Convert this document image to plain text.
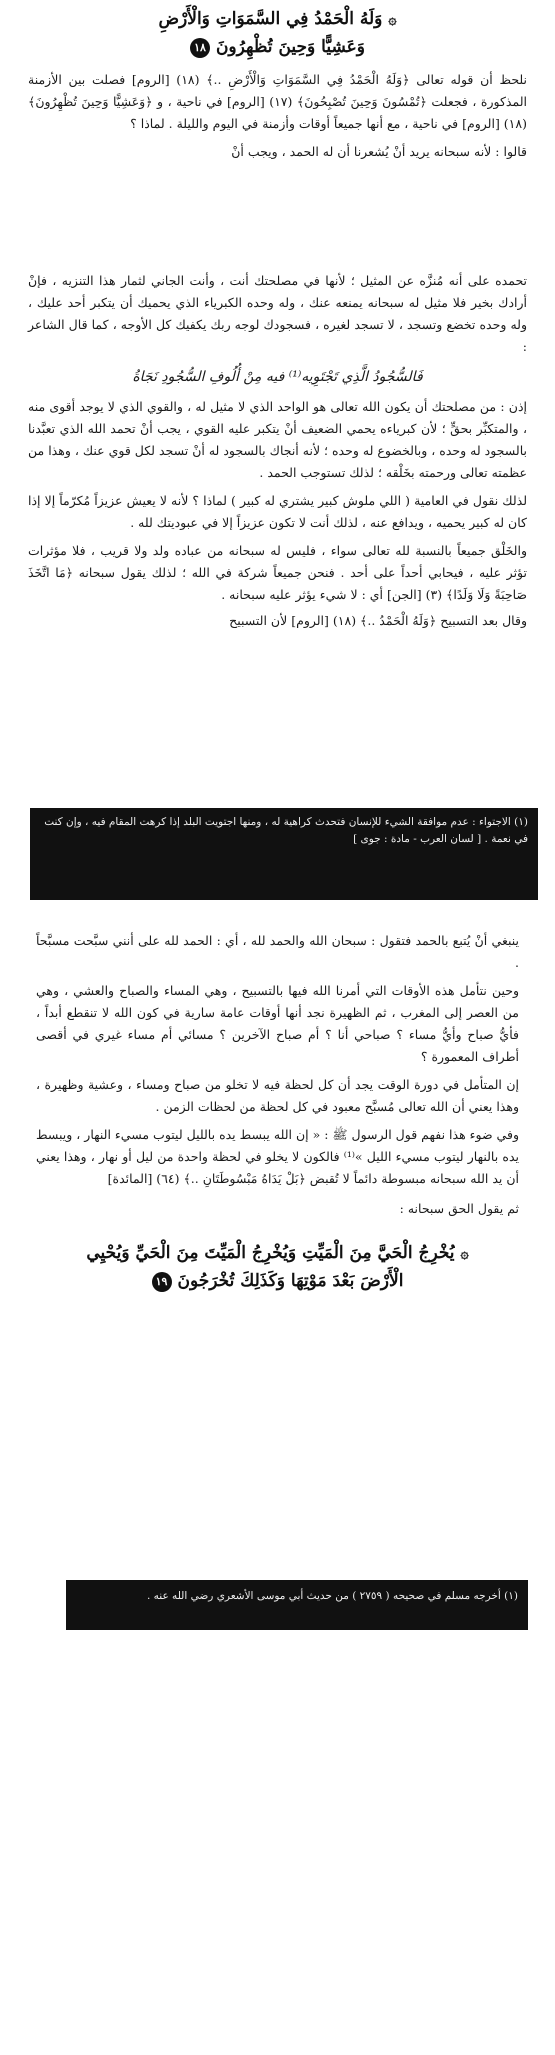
۞ وَلَهُ الْحَمْدُ فِي السَّمَوَاتِ وَالْأَرْضِ
وَعَشِيًّا وَحِينَ تُظْهِرُونَ ١٨

نلحظ أن قوله تعالى ﴿وَلَهُ الْحَمْدُ فِي السَّمَوَاتِ وَالْأَرْضِ ..﴾ (١٨) [الروم] فصلت بين الأزمنة المذكورة ، فجعلت ﴿تُمْسُونَ وَحِينَ تُصْبِحُونَ﴾ (١٧) [الروم] في ناحية ، و ﴿وَعَشِيًّا وَحِينَ تُظْهِرُونَ﴾ (١٨) [الروم] في ناحية ، مع أنها جميعاً أوقات وأزمنة في اليوم والليلة . لماذا ؟

قالوا : لأنه سبحانه يريد أنْ يُشعرنا أن له الحمد ، ويجب أنْ

تحمده على أنه مُنزَّه عن المثيل ؛ لأنها في مصلحتك أنت ، وأنت الجاني لثمار هذا التنزيه ، فإنْ أرادك بخير فلا مثيل له سبحانه يمنعه عنك ، وله وحده الكبرياء الذي يحميك أن يتكبر أحد عليك ، وله وحده تخضع وتسجد ، لا تسجد لغيره ، فسجودك لوجه ربك يكفيك كل الأوجه ، كما قال الشاعر :

فَالسُّجُودُ الَّذِي تَجْتَوِيه⁽¹⁾ فيه مِنْ أُلُوفِ السُّجُودِ نَجَاةُ

إذن : من مصلحتك أن يكون الله تعالى هو الواحد الذي لا مثيل له ، والقوي الذي لا يوجد أقوى منه ، والمتكبِّر بحقٍّ ؛ لأن كبرياءه يحمي الضعيف أنْ يتكبر عليه القوي ، يجب أنْ تحمد الله الذي تعبَّدنا بالسجود له وحده ، وبالخضوع له وحده ؛ لأنه أنجاك بالسجود له أنْ تسجد لكل قوي عنك ، وهذا من عظمته تعالى ورحمته بخَلْقه ؛ لذلك تستوجب الحمد .

لذلك نقول في العامية ( اللي ملوش كبير يشتري له كبير ) لماذا ؟ لأنه لا يعيش عزيزاً مُكرّماً إلا إذا كان له كبير يحميه ، ويدافع عنه ، لذلك أنت لا تكون عزيزاً إلا في عبوديتك لله .

والخَلْق جميعاً بالنسبة لله تعالى سواء ، فليس له سبحانه من عباده ولد ولا قريب ، فلا مؤثرات تؤثر عليه ، فيحابي أحداً على أحد . فنحن جميعاً شركة في الله ؛ لذلك يقول سبحانه ﴿مَا اتَّخَذَ صَاحِبَةً وَلَا وَلَدًا﴾ (٣) [الجن] أي : لا شيء يؤثر عليه سبحانه .

وقال بعد التسبيح ﴿وَلَهُ الْحَمْدُ ..﴾ (١٨) [الروم] لأن التسبيح

(١) الاجتواء : عدم موافقة الشيء للإنسان فتحدث كراهية له ، ومنها اجتويت البلد إذا كرهت المقام فيه ، وإن كنت في نعمة . [ لسان العرب - مادة : جوى ]

ينبغي أنْ يُتبع بالحمد فتقول : سبحان الله والحمد لله ، أي : الحمد لله على أنني سبَّحت مسبَّحاً .

وحين نتأمل هذه الأوقات التي أمرنا الله فيها بالتسبيح ، وهي المساء والصباح والعشي ، وهي من العصر إلى المغرب ، ثم الظهيرة نجد أنها أوقات عامة سارية في كون الله لا تنقطع أبداً ، فأيُّ صباح وأيُّ مساء ؟ صباحي أنا ؟ أم صباح الآخرين ؟ مسائي أم مساء غيري في أقصى أطراف المعمورة ؟

إن المتأمل في دورة الوقت يجد أن كل لحظة فيه لا تخلو من صباح ومساء ، وعشية وظهيرة ، وهذا يعني أن الله تعالى مُسبَّح معبود في كل لحظة من لحظات الزمن .

وفي ضوء هذا نفهم قول الرسول ﷺ : « إن الله يبسط يده بالليل ليتوب مسيء النهار ، ويبسط يده بالنهار ليتوب مسيء الليل »⁽¹⁾ فالكون لا يخلو في لحظة واحدة من ليل أو نهار ، وهذا يعني أن يد الله سبحانه مبسوطة دائماً لا تُقبض ﴿بَلْ يَدَاهُ مَبْسُوطَتَانِ ..﴾ (٦٤) [المائدة]

ثم يقول الحق سبحانه :

۞ يُخْرِجُ الْحَيَّ مِنَ الْمَيِّتِ وَيُخْرِجُ الْمَيِّتَ مِنَ الْحَيِّ وَيُحْيِي
الْأَرْضَ بَعْدَ مَوْتِهَا وَكَذَلِكَ تُخْرَجُونَ ١٩

(١) أخرجه مسلم في صحيحه ( ٢٧٥٩ ) من حديث أبي موسى الأشعري رضي الله عنه .
